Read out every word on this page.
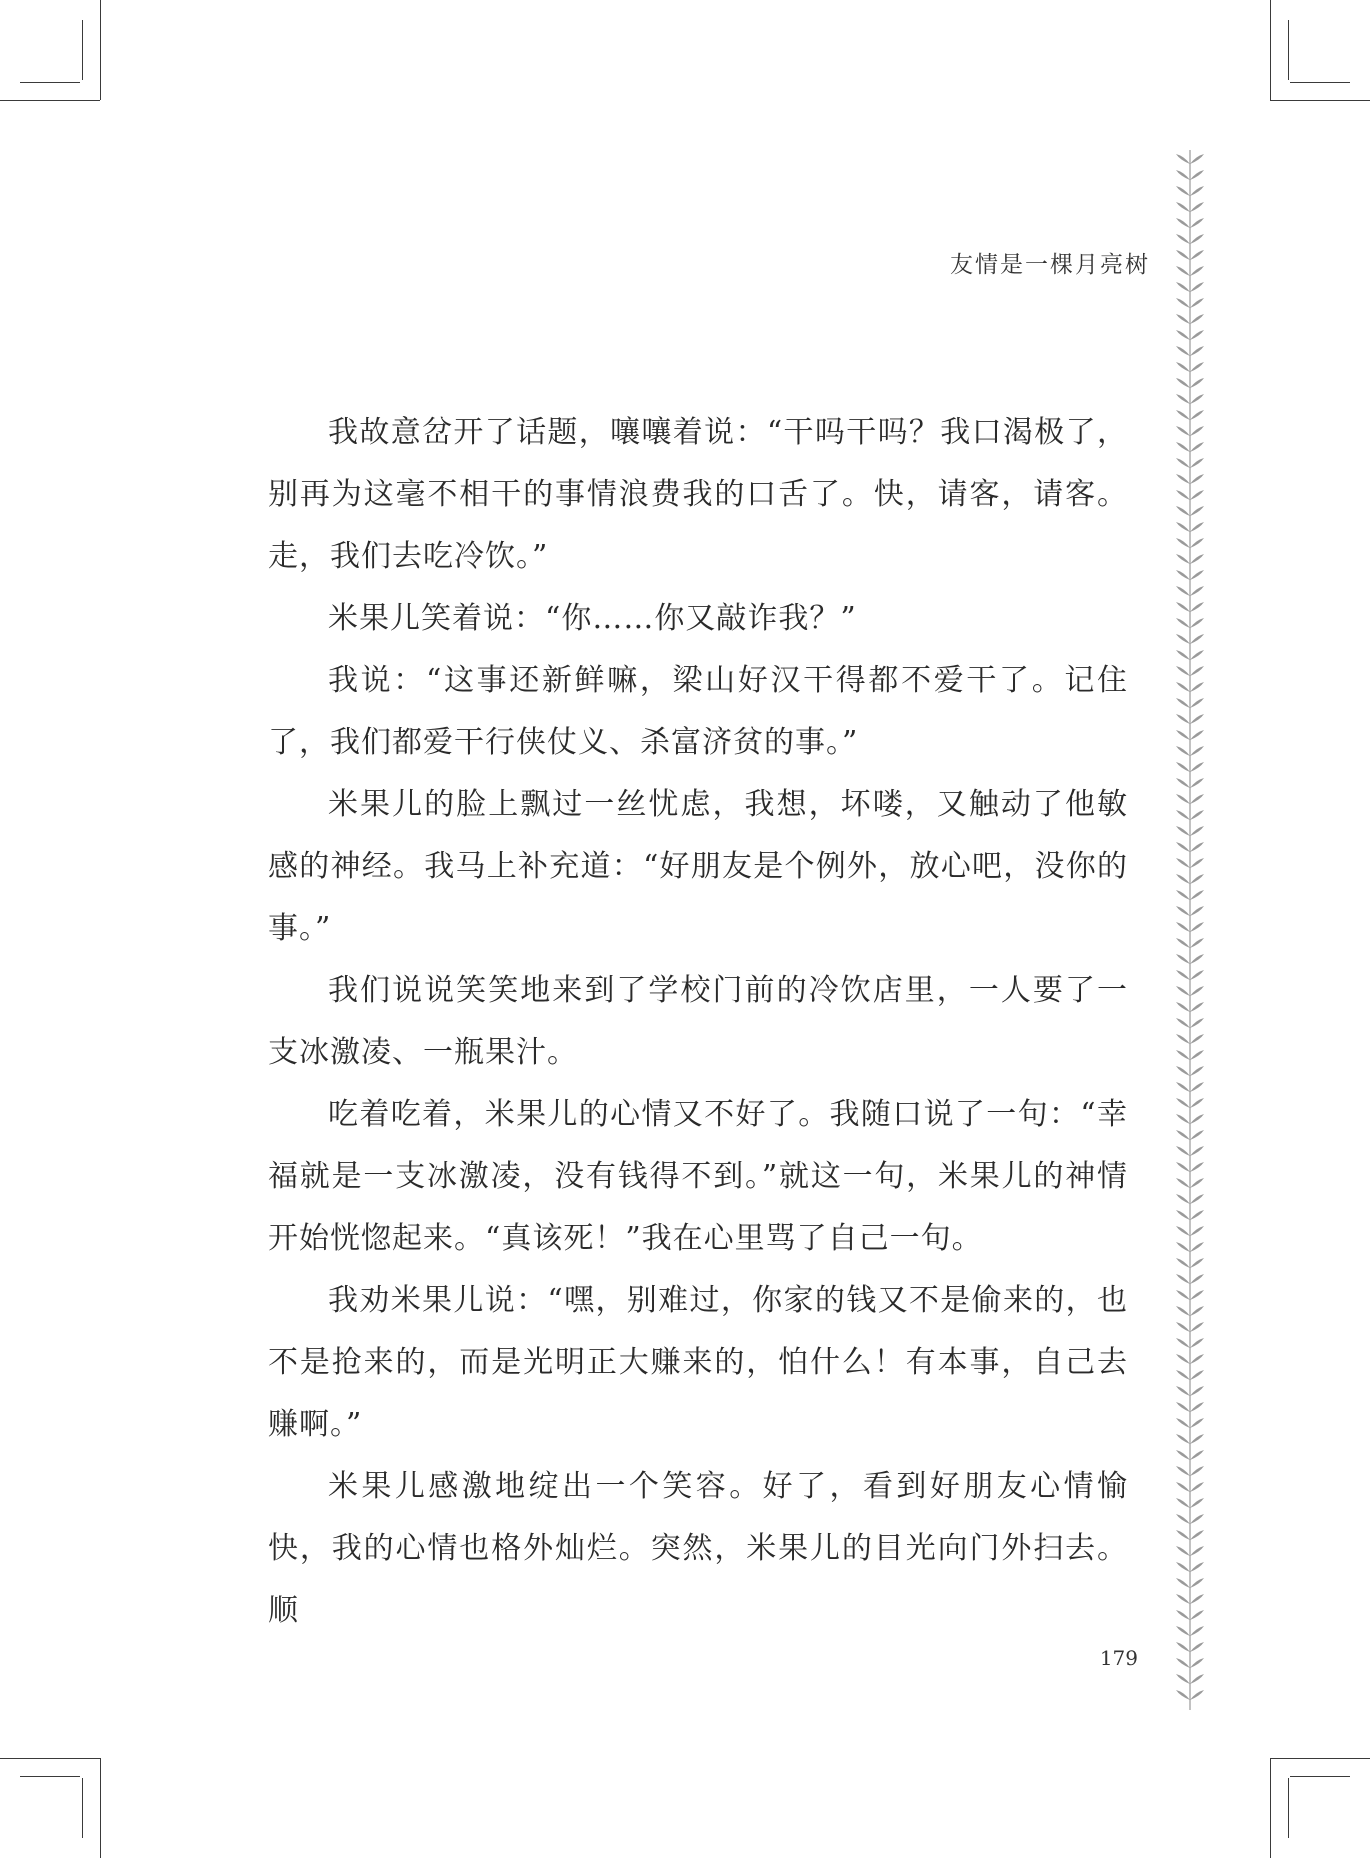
友情是一棵月亮树

我故意岔开了话题，嚷嚷着说：“干吗干吗？我口渴极了，别再为这毫不相干的事情浪费我的口舌了。快，请客，请客。走，我们去吃冷饮。”

米果儿笑着说：“你……你又敲诈我？”

我说：“这事还新鲜嘛，梁山好汉干得都不爱干了。记住了，我们都爱干行侠仗义、杀富济贫的事。”

米果儿的脸上飘过一丝忧虑，我想，坏喽，又触动了他敏感的神经。我马上补充道：“好朋友是个例外，放心吧，没你的事。”

我们说说笑笑地来到了学校门前的冷饮店里，一人要了一支冰激凌、一瓶果汁。

吃着吃着，米果儿的心情又不好了。我随口说了一句：“幸福就是一支冰激凌，没有钱得不到。”就这一句，米果儿的神情开始恍惚起来。“真该死！”我在心里骂了自己一句。

我劝米果儿说：“嘿，别难过，你家的钱又不是偷来的，也不是抢来的，而是光明正大赚来的，怕什么！有本事，自己去赚啊。”

米果儿感激地绽出一个笑容。好了，看到好朋友心情愉快，我的心情也格外灿烂。突然，米果儿的目光向门外扫去。顺

179
